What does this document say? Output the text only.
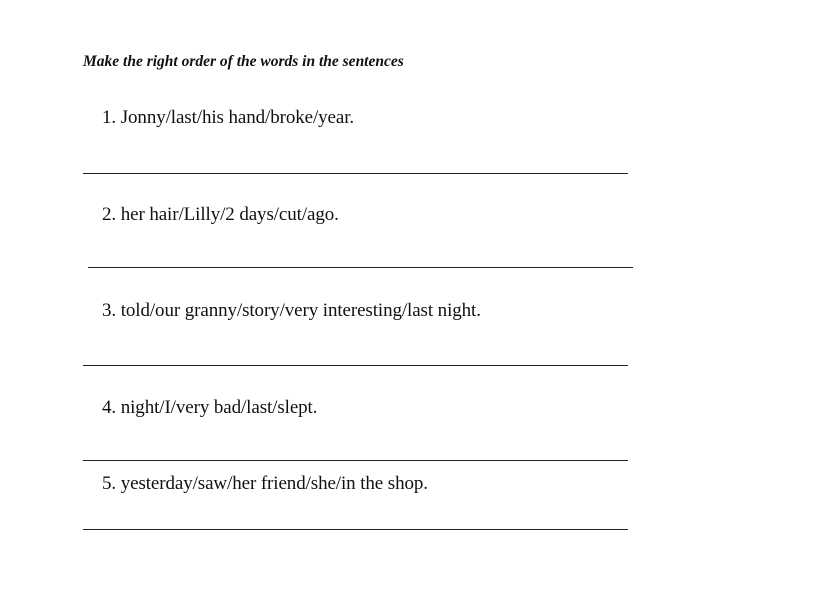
Make the right order of the words in the sentences
1. Jonny/last/his hand/broke/year.
2. her hair/Lilly/2 days/cut/ago.
3. told/our granny/story/very interesting/last night.
4. night/I/very bad/last/slept.
5. yesterday/saw/her friend/she/in the shop.
